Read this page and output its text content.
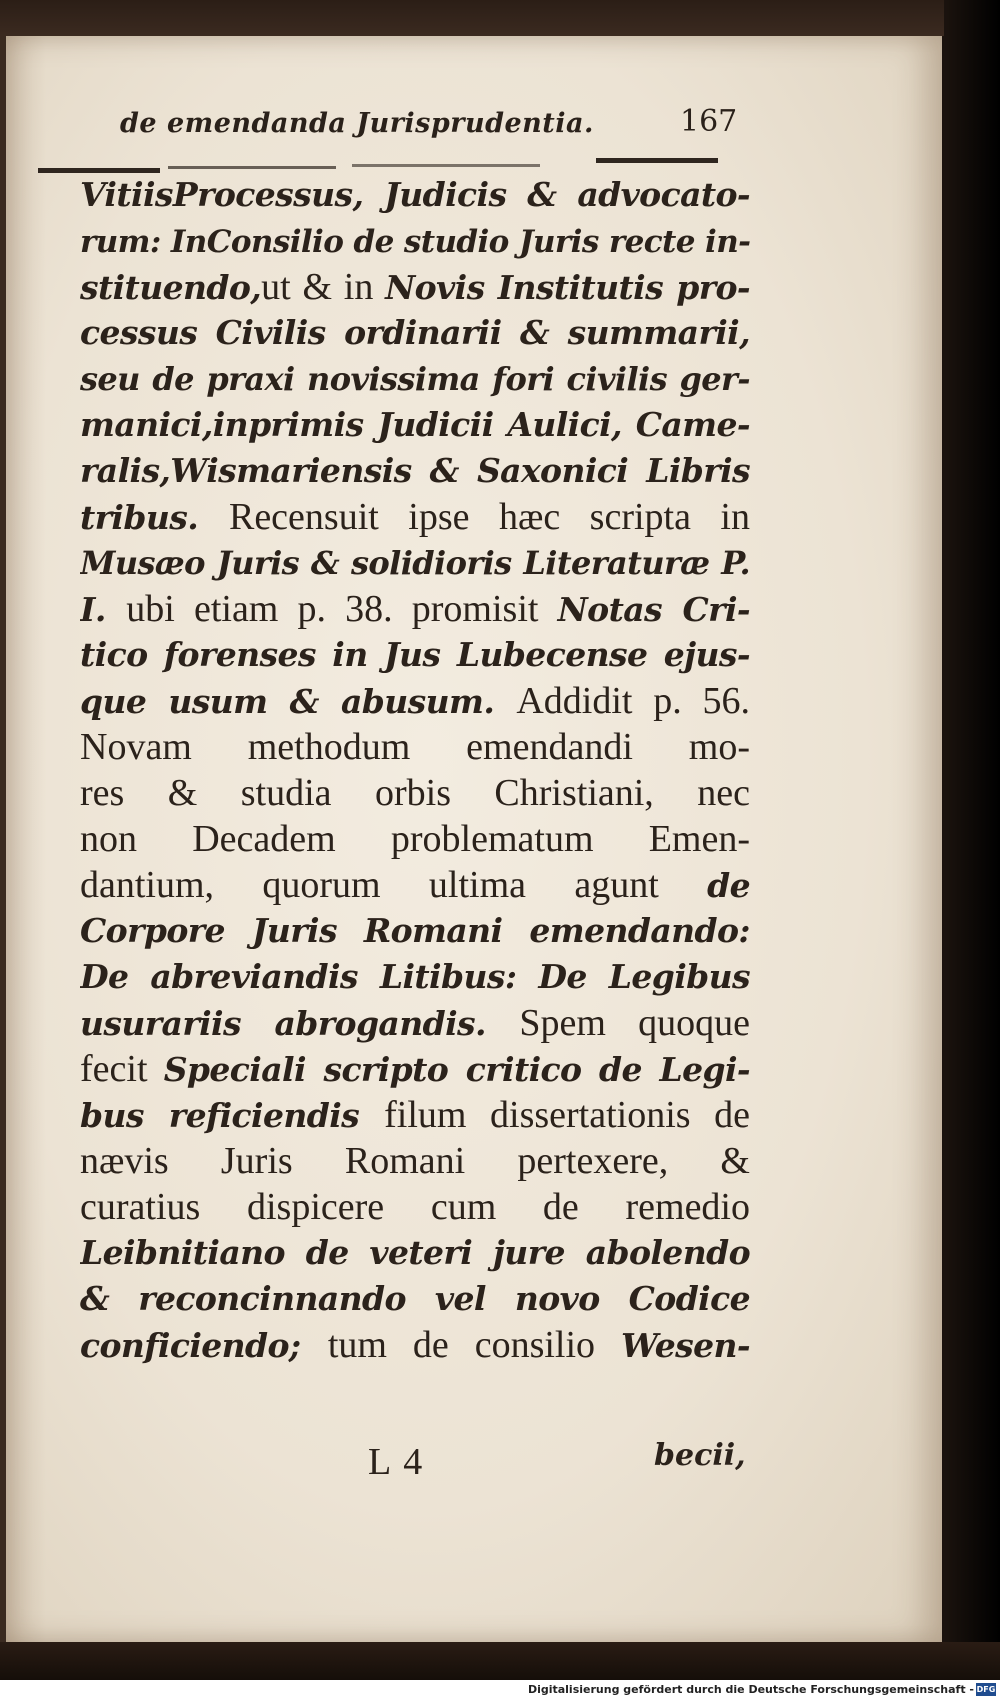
de emendanda Jurisprudentia.	167
VitiisProcessus, Judicis & advocato-
rum: InConsilio de studio Juris recte in-
stituendo,ut & in Novis Institutis pro-
cessus Civilis ordinarii & summarii,
seu de praxi novissima fori civilis ger-
manici,inprimis Judicii Aulici, Came-
ralis,Wismariensis & Saxonici Libris
tribus. Recensuit ipse hæc scripta in
Musæo Juris & solidioris Literaturæ P.
I. ubi etiam p. 38. promisit Notas Cri-
tico forenses in Jus Lubecense ejus-
que usum & abusum. Addidit p. 56.
Novam methodum emendandi mo-
res & studia orbis Christiani, nec
non Decadem problematum Emen-
dantium, quorum ultima agunt de
Corpore Juris Romani emendando:
De abreviandis Litibus: De Legibus
usurariis abrogandis. Spem quoque
fecit Speciali scripto critico de Legi-
bus reficiendis filum dissertationis de
nævis Juris Romani pertexere, &
curatius dispicere cum de remedio
Leibnitiano de veteri jure abolendo
& reconcinnando vel novo Codice
conficiendo; tum de consilio Wesen-
L 4	becii,
Digitalisierung gefördert durch die Deutsche Forschungsgemeinschaft - DFG
